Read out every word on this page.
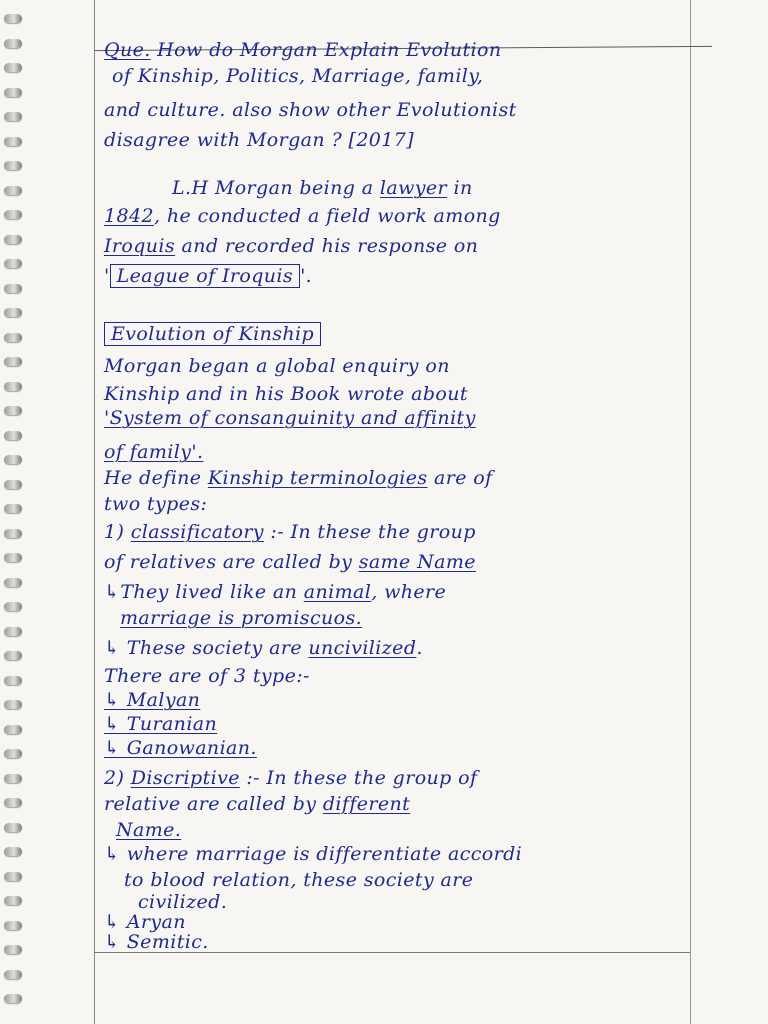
Que. How do Morgan Explain Evolution
of Kinship, Politics, Marriage, family,
and culture. also show other Evolutionist
disagree with Morgan ? [2017]
L.H Morgan being a lawyer in
1842, he conducted a field work among
Iroquis and recorded his response on
' League of Iroquis '.
Evolution of Kinship
Morgan began a global enquiry on
Kinship and in his Book wrote about
'System of consanguinity and affinity
of family'.
He define Kinship terminologies are of
two types:
1) classificatory :- In these the group
of relatives are called by same Name
↳They lived like an animal, where
marriage is promiscuos.
↳ These society are uncivilized.
There are of 3 type:-
↳ Malyan
↳ Turanian
↳ Ganowanian.
2) Discriptive :- In these the group of
relative are called by different
Name.
↳ where marriage is differentiate accordi
to blood relation, these society are
civilized.
↳ Aryan
↳ Semitic.
